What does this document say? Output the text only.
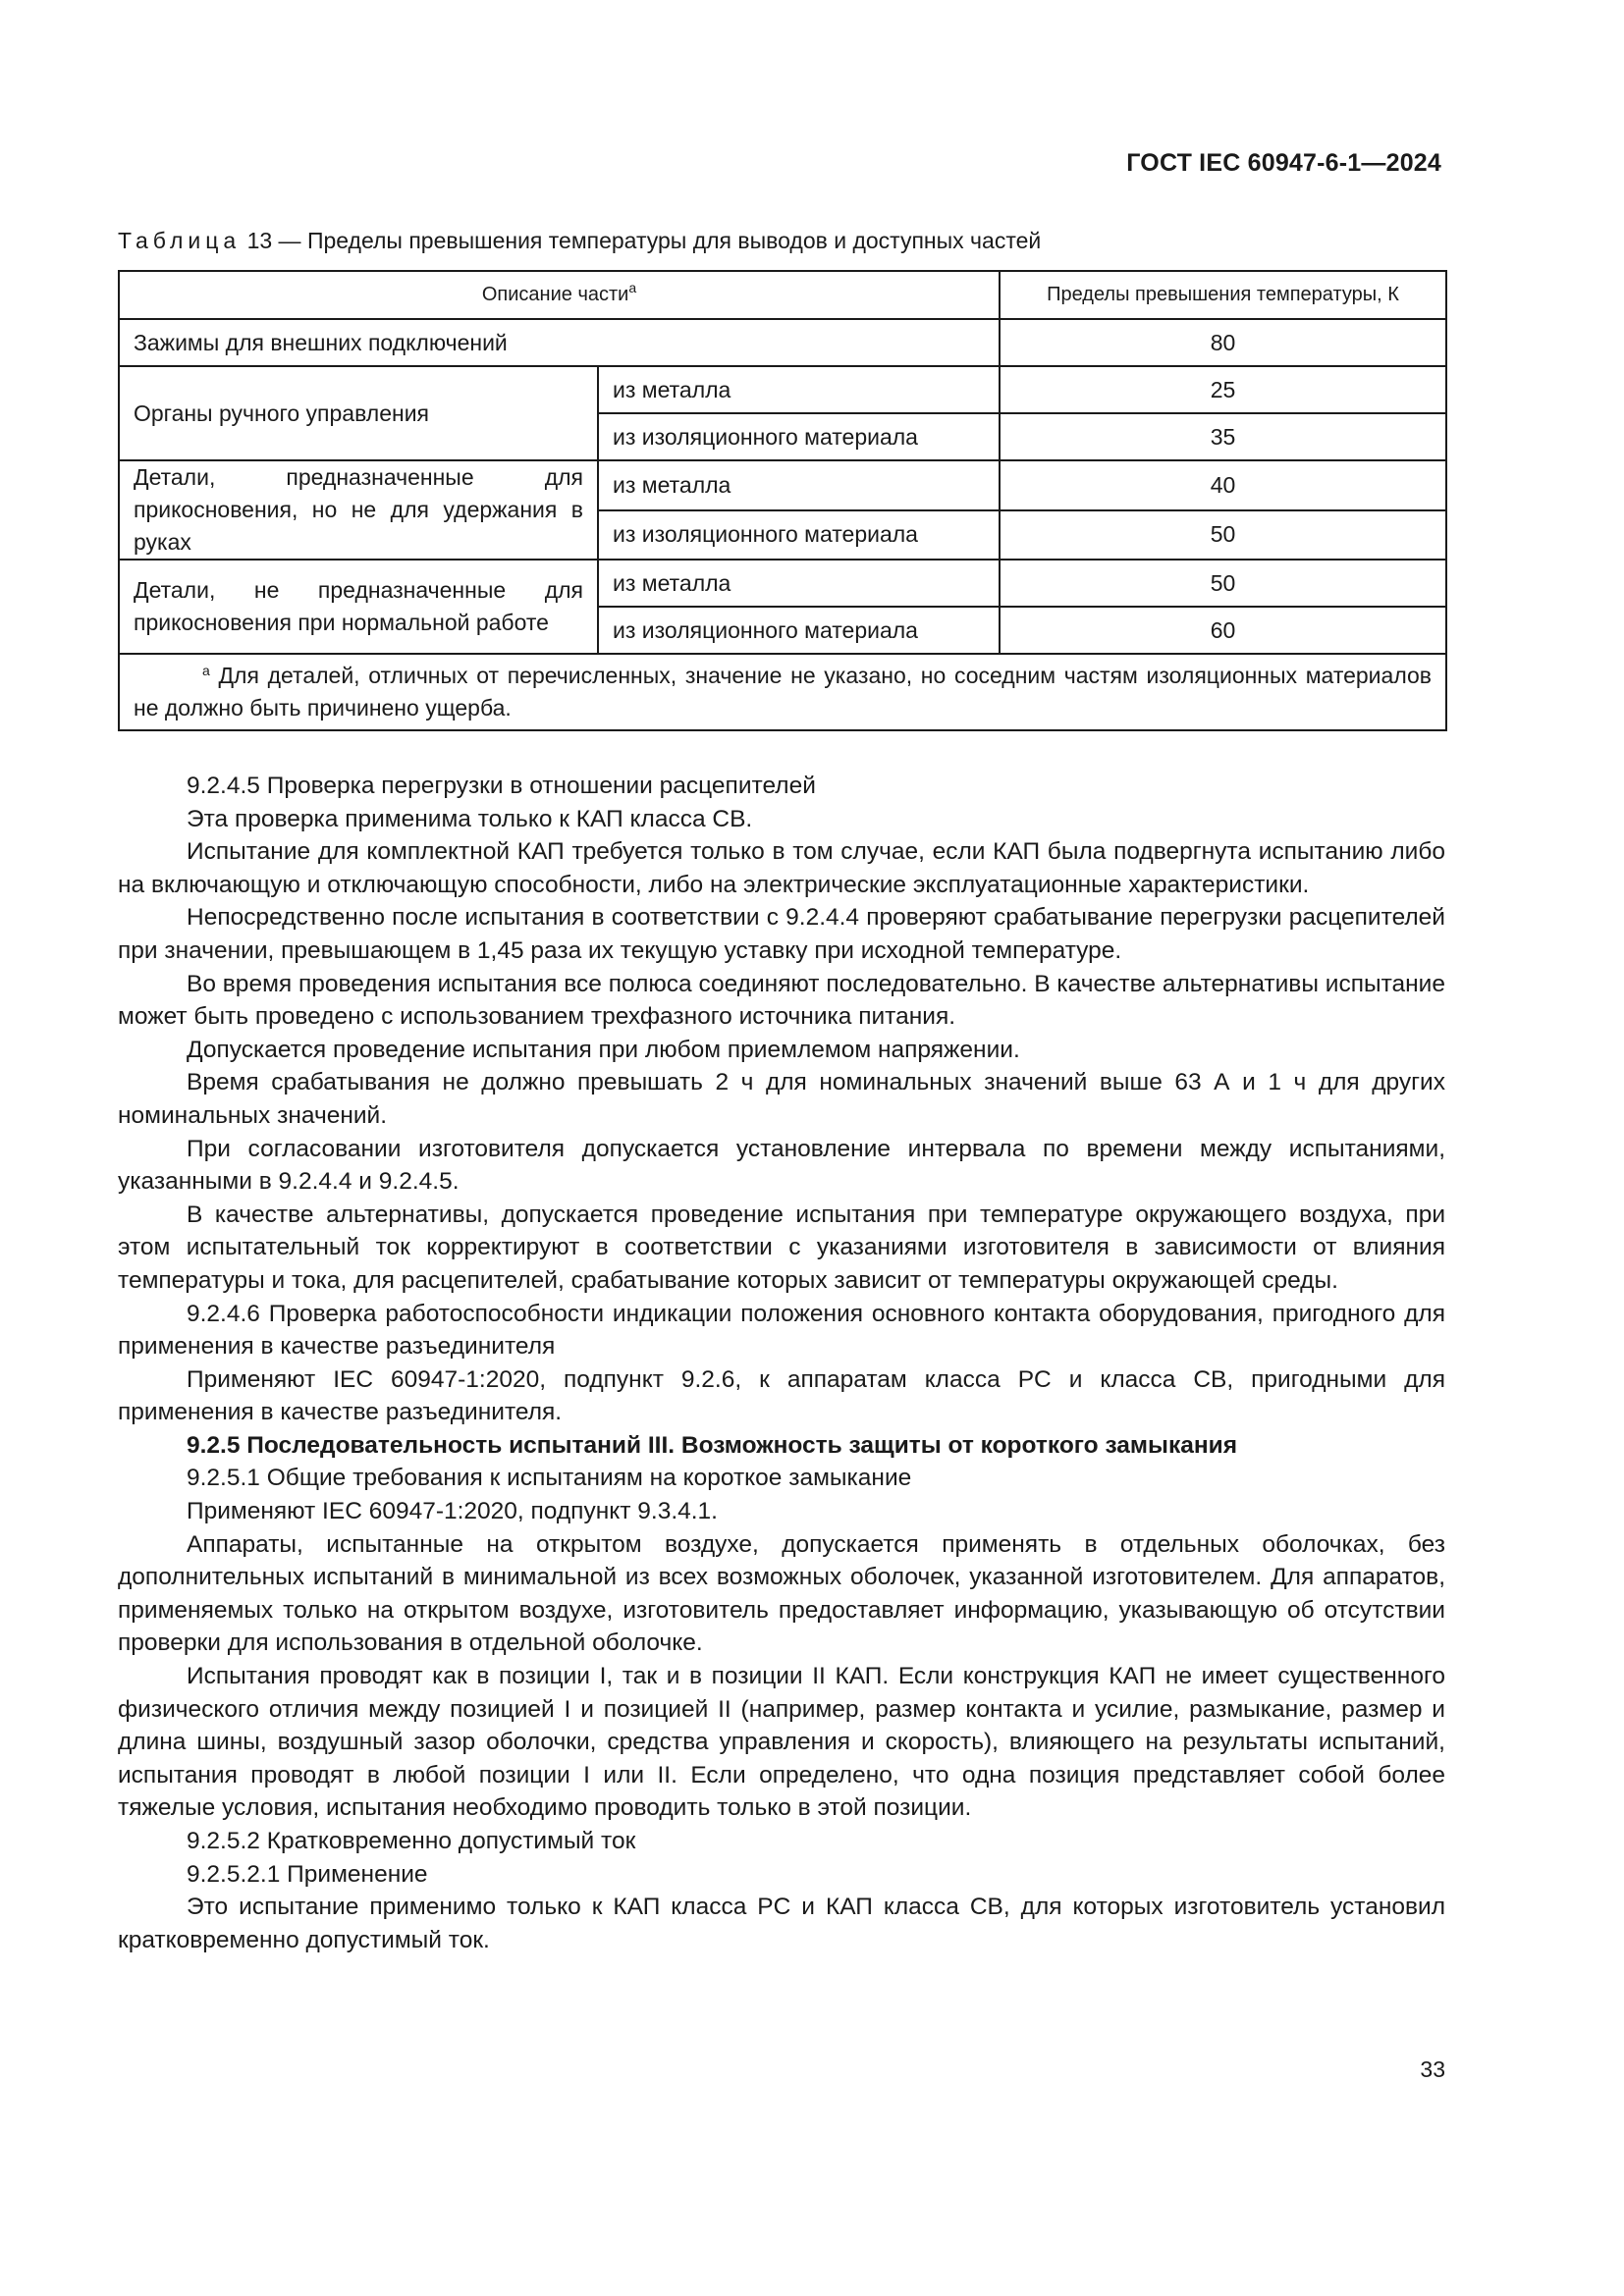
ГОСТ IEC 60947-6-1—2024
Таблица 13 — Пределы превышения температуры для выводов и доступных частей
Описание части$^a$		Пределы превышения температуры, К
Зажимы для внешних подключений		80
Органы ручного управления	из металла	25
	из изоляционного материала	35
Детали, предназначенные для прикосновения, но не для удержания в руках	из металла	40
	из изоляционного материала	50
Детали, не предназначенные для прикосновения при нормальной работе	из металла	50
	из изоляционного материала	60

$^a$ Для деталей, отличных от перечисленных, значение не указано, но соседним частям изоляционных материалов не должно быть причинено ущерба.		

9.2.4.5 Проверка перегрузки в отношении расцепителей

Эта проверка применима только к КАП класса СВ.

Испытание для комплектной КАП требуется только в том случае, если КАП была подвергнута испытанию либо на включающую и отключающую способности, либо на электрические эксплуатационные характеристики.

Непосредственно после испытания в соответствии с 9.2.4.4 проверяют срабатывание перегрузки расцепителей при значении, превышающем в 1,45 раза их текущую уставку при исходной температуре.

Во время проведения испытания все полюса соединяют последовательно. В качестве альтернативы испытание может быть проведено с использованием трехфазного источника питания.

Допускается проведение испытания при любом приемлемом напряжении.

Время срабатывания не должно превышать 2 ч для номинальных значений выше 63 А и 1 ч для других номинальных значений.

При согласовании изготовителя допускается установление интервала по времени между испытаниями, указанными в 9.2.4.4 и 9.2.4.5.

В качестве альтернативы, допускается проведение испытания при температуре окружающего воздуха, при этом испытательный ток корректируют в соответствии с указаниями изготовителя в зависимости от влияния температуры и тока, для расцепителей, срабатывание которых зависит от температуры окружающей среды.

9.2.4.6 Проверка работоспособности индикации положения основного контакта оборудования, пригодного для применения в качестве разъединителя

Применяют IEC 60947-1:2020, подпункт 9.2.6, к аппаратам класса PC и класса CB, пригодными для применения в качестве разъединителя.

9.2.5 Последовательность испытаний III. Возможность защиты от короткого замыкания

9.2.5.1 Общие требования к испытаниям на короткое замыкание

Применяют IEC 60947-1:2020, подпункт 9.3.4.1.

Аппараты, испытанные на открытом воздухе, допускается применять в отдельных оболочках, без дополнительных испытаний в минимальной из всех возможных оболочек, указанной изготовителем. Для аппаратов, применяемых только на открытом воздухе, изготовитель предоставляет информацию, указывающую об отсутствии проверки для использования в отдельной оболочке.

Испытания проводят как в позиции I, так и в позиции II КАП. Если конструкция КАП не имеет существенного физического отличия между позицией I и позицией II (например, размер контакта и усилие, размыкание, размер и длина шины, воздушный зазор оболочки, средства управления и скорость), влияющего на результаты испытаний, испытания проводят в любой позиции I или II. Если определено, что одна позиция представляет собой более тяжелые условия, испытания необходимо проводить только в этой позиции.

9.2.5.2 Кратковременно допустимый ток

9.2.5.2.1 Применение

Это испытание применимо только к КАП класса PC и КАП класса CB, для которых изготовитель установил кратковременно допустимый ток.

33
